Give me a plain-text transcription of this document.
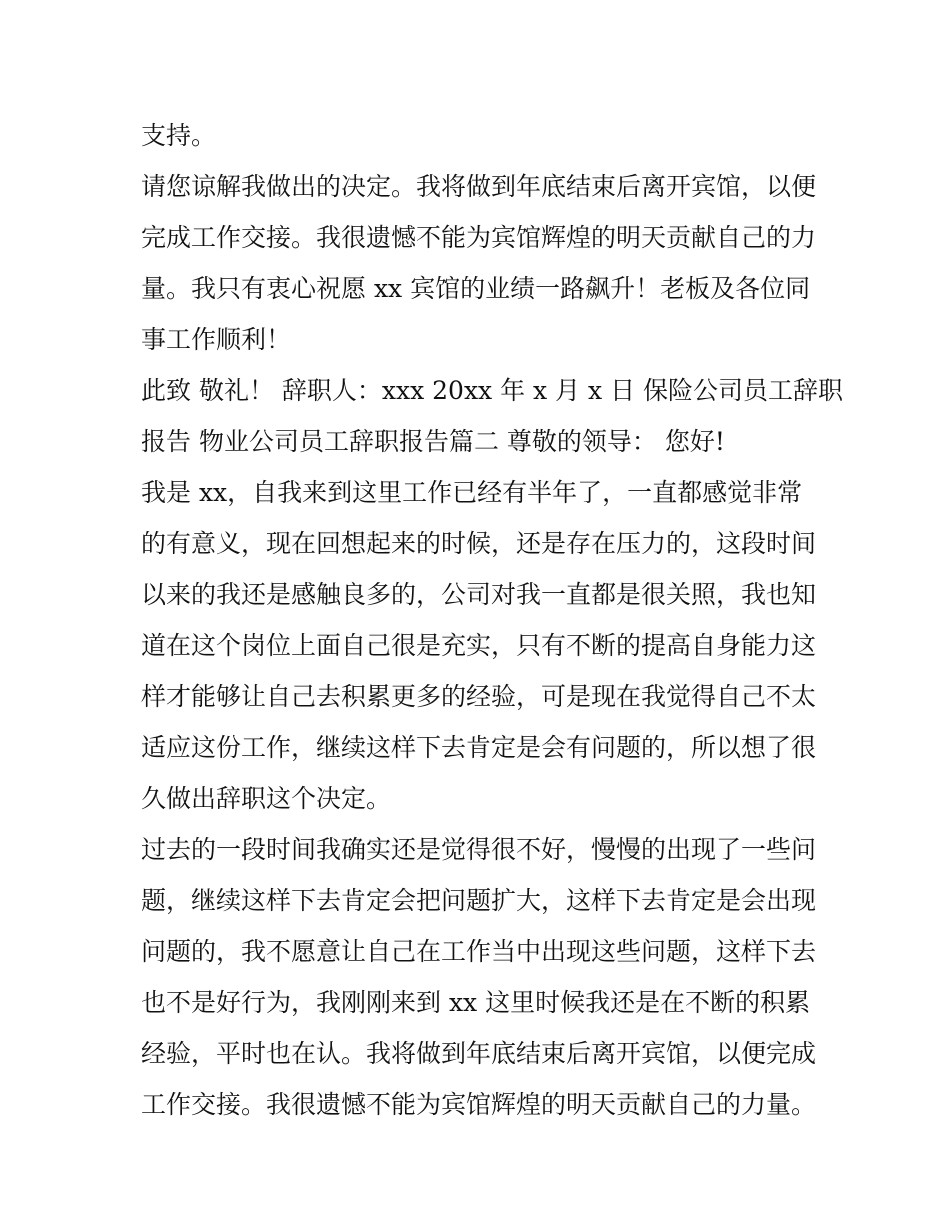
支持。
请您谅解我做出的决定。我将做到年底结束后离开宾馆，以便
完成工作交接。我很遗憾不能为宾馆辉煌的明天贡献自己的力
量。我只有衷心祝愿 xx 宾馆的业绩一路飙升！老板及各位同
事工作顺利！
此致 敬礼！ 辞职人：xxx 20xx 年 x 月 x 日 保险公司员工辞职
报告 物业公司员工辞职报告篇二 尊敬的领导： 您好!
我是 xx，自我来到这里工作已经有半年了，一直都感觉非常
的有意义，现在回想起来的时候，还是存在压力的，这段时间
以来的我还是感触良多的，公司对我一直都是很关照，我也知
道在这个岗位上面自己很是充实，只有不断的提高自身能力这
样才能够让自己去积累更多的经验，可是现在我觉得自己不太
适应这份工作，继续这样下去肯定是会有问题的，所以想了很
久做出辞职这个决定。
过去的一段时间我确实还是觉得很不好，慢慢的出现了一些问
题，继续这样下去肯定会把问题扩大，这样下去肯定是会出现
问题的，我不愿意让自己在工作当中出现这些问题，这样下去
也不是好行为，我刚刚来到 xx 这里时候我还是在不断的积累
经验，平时也在认。我将做到年底结束后离开宾馆，以便完成
工作交接。我很遗憾不能为宾馆辉煌的明天贡献自己的力量。
